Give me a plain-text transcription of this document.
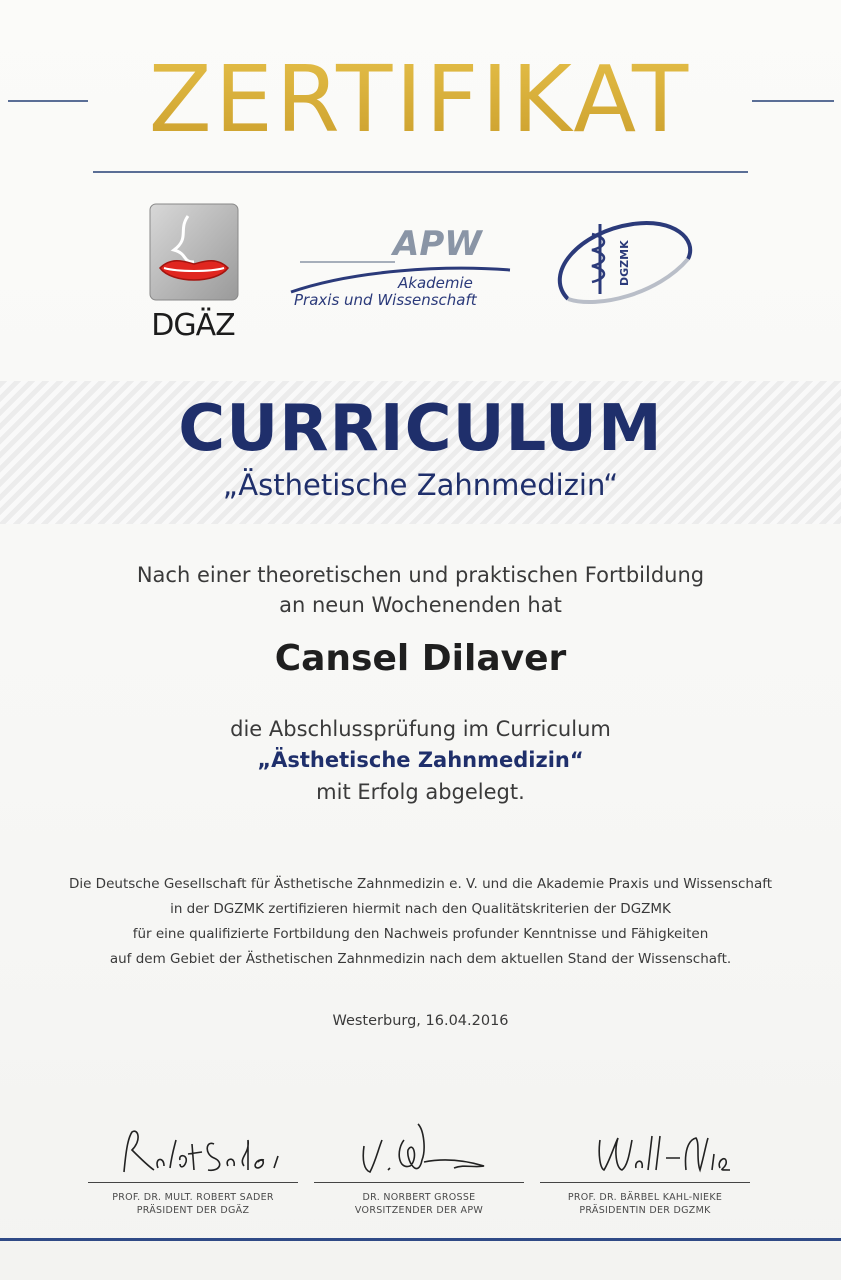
ZERTIFIKAT
DGÄZ
APW
Akademie
Praxis und Wissenschaft
DGZMK
CURRICULUM
„Ästhetische Zahnmedizin“
Nach einer theoretischen und praktischen Fortbildung
an neun Wochenenden hat
Cansel Dilaver
die Abschlussprüfung im Curriculum
„Ästhetische Zahnmedizin“
mit Erfolg abgelegt.
Die Deutsche Gesellschaft für Ästhetische Zahnmedizin e. V. und die Akademie Praxis und Wissenschaft
in der DGZMK zertifizieren hiermit nach den Qualitätskriterien der DGZMK
für eine qualifizierte Fortbildung den Nachweis profunder Kenntnisse und Fähigkeiten
auf dem Gebiet der Ästhetischen Zahnmedizin nach dem aktuellen Stand der Wissenschaft.
Westerburg, 16.04.2016
PROF. DR. MULT. ROBERT SADER
PRÄSIDENT DER DGÄZ
DR. NORBERT GROSSE
VORSITZENDER DER APW
PROF. DR. BÄRBEL KAHL-NIEKE
PRÄSIDENTIN DER DGZMK
